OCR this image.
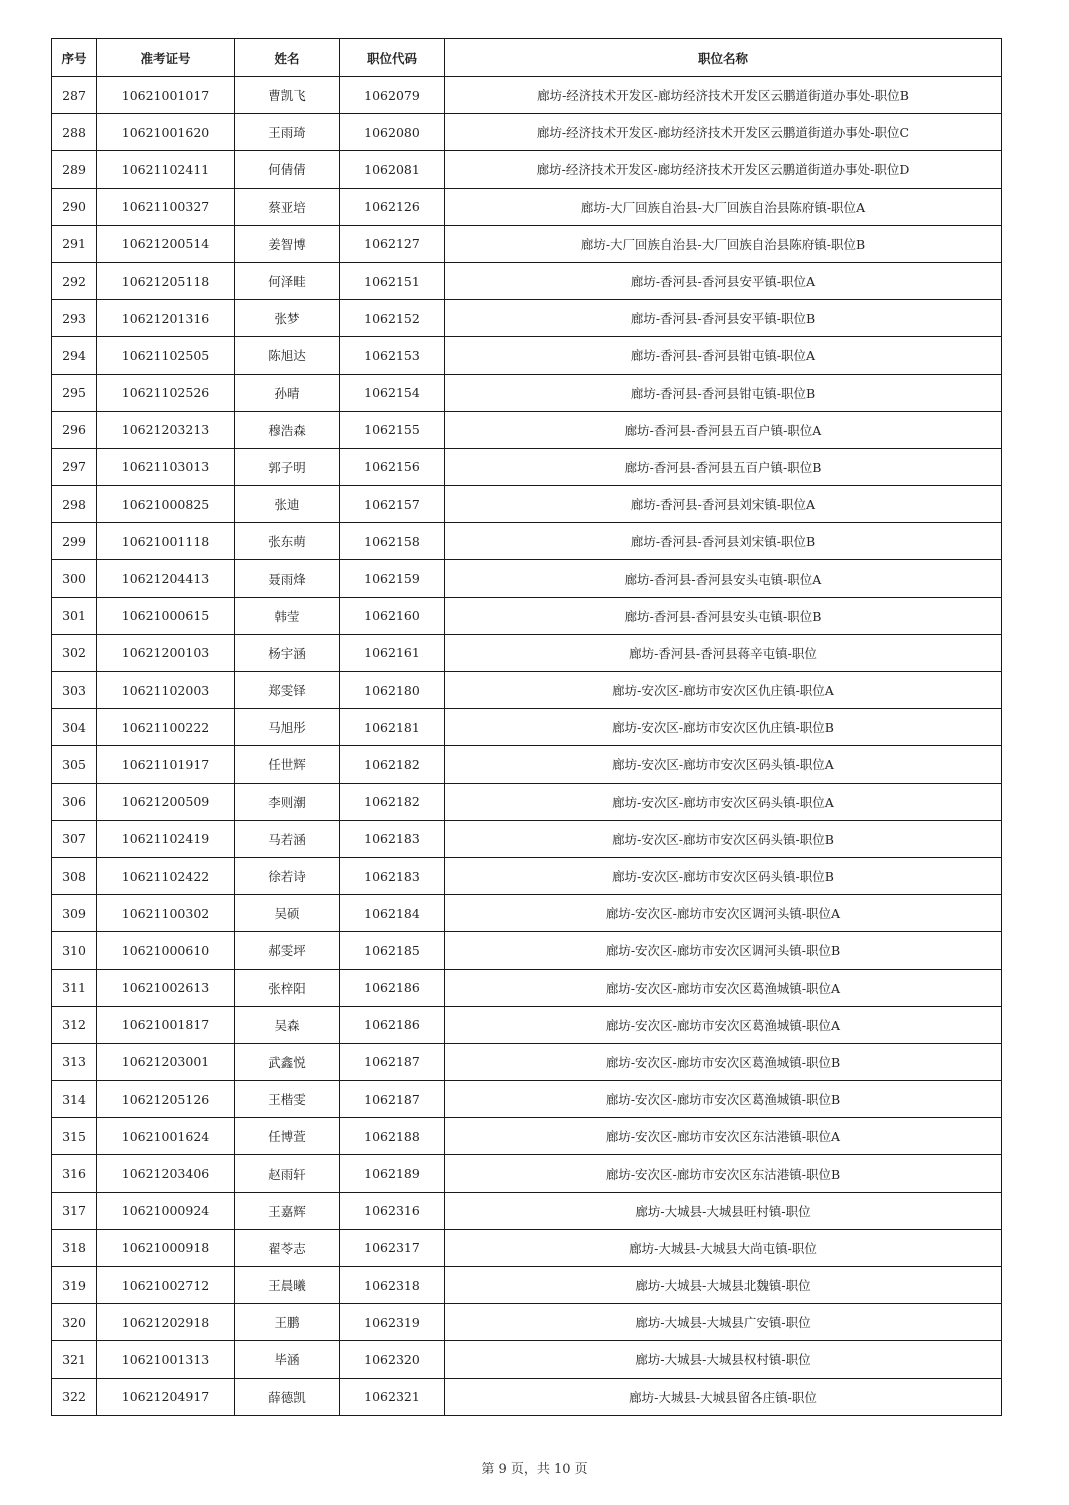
序号	准考证号	姓名	职位代码	职位名称
287	10621001017	曹凯飞	1062079	廊坊-经济技术开发区-廊坊经济技术开发区云鹏道街道办事处-职位B
288	10621001620	王雨琦	1062080	廊坊-经济技术开发区-廊坊经济技术开发区云鹏道街道办事处-职位C
289	10621102411	何倩倩	1062081	廊坊-经济技术开发区-廊坊经济技术开发区云鹏道街道办事处-职位D
290	10621100327	蔡亚培	1062126	廊坊-大厂回族自治县-大厂回族自治县陈府镇-职位A
291	10621200514	姜智博	1062127	廊坊-大厂回族自治县-大厂回族自治县陈府镇-职位B
292	10621205118	何泽畦	1062151	廊坊-香河县-香河县安平镇-职位A
293	10621201316	张梦	1062152	廊坊-香河县-香河县安平镇-职位B
294	10621102505	陈旭达	1062153	廊坊-香河县-香河县钳屯镇-职位A
295	10621102526	孙晴	1062154	廊坊-香河县-香河县钳屯镇-职位B
296	10621203213	穆浩森	1062155	廊坊-香河县-香河县五百户镇-职位A
297	10621103013	郭子明	1062156	廊坊-香河县-香河县五百户镇-职位B
298	10621000825	张迪	1062157	廊坊-香河县-香河县刘宋镇-职位A
299	10621001118	张东萌	1062158	廊坊-香河县-香河县刘宋镇-职位B
300	10621204413	聂雨烽	1062159	廊坊-香河县-香河县安头屯镇-职位A
301	10621000615	韩莹	1062160	廊坊-香河县-香河县安头屯镇-职位B
302	10621200103	杨宇涵	1062161	廊坊-香河县-香河县蒋辛屯镇-职位
303	10621102003	郑雯铎	1062180	廊坊-安次区-廊坊市安次区仇庄镇-职位A
304	10621100222	马旭彤	1062181	廊坊-安次区-廊坊市安次区仇庄镇-职位B
305	10621101917	任世辉	1062182	廊坊-安次区-廊坊市安次区码头镇-职位A
306	10621200509	李则潮	1062182	廊坊-安次区-廊坊市安次区码头镇-职位A
307	10621102419	马若涵	1062183	廊坊-安次区-廊坊市安次区码头镇-职位B
308	10621102422	徐若诗	1062183	廊坊-安次区-廊坊市安次区码头镇-职位B
309	10621100302	吴硕	1062184	廊坊-安次区-廊坊市安次区调河头镇-职位A
310	10621000610	郝雯坪	1062185	廊坊-安次区-廊坊市安次区调河头镇-职位B
311	10621002613	张梓阳	1062186	廊坊-安次区-廊坊市安次区葛渔城镇-职位A
312	10621001817	吴森	1062186	廊坊-安次区-廊坊市安次区葛渔城镇-职位A
313	10621203001	武鑫悦	1062187	廊坊-安次区-廊坊市安次区葛渔城镇-职位B
314	10621205126	王楷雯	1062187	廊坊-安次区-廊坊市安次区葛渔城镇-职位B
315	10621001624	任博萱	1062188	廊坊-安次区-廊坊市安次区东沽港镇-职位A
316	10621203406	赵雨轩	1062189	廊坊-安次区-廊坊市安次区东沽港镇-职位B
317	10621000924	王嘉辉	1062316	廊坊-大城县-大城县旺村镇-职位
318	10621000918	翟苓志	1062317	廊坊-大城县-大城县大尚屯镇-职位
319	10621002712	王晨曦	1062318	廊坊-大城县-大城县北魏镇-职位
320	10621202918	王鹏	1062319	廊坊-大城县-大城县广安镇-职位
321	10621001313	毕涵	1062320	廊坊-大城县-大城县权村镇-职位
322	10621204917	薛德凯	1062321	廊坊-大城县-大城县留各庄镇-职位
第 9 页，共 10 页
